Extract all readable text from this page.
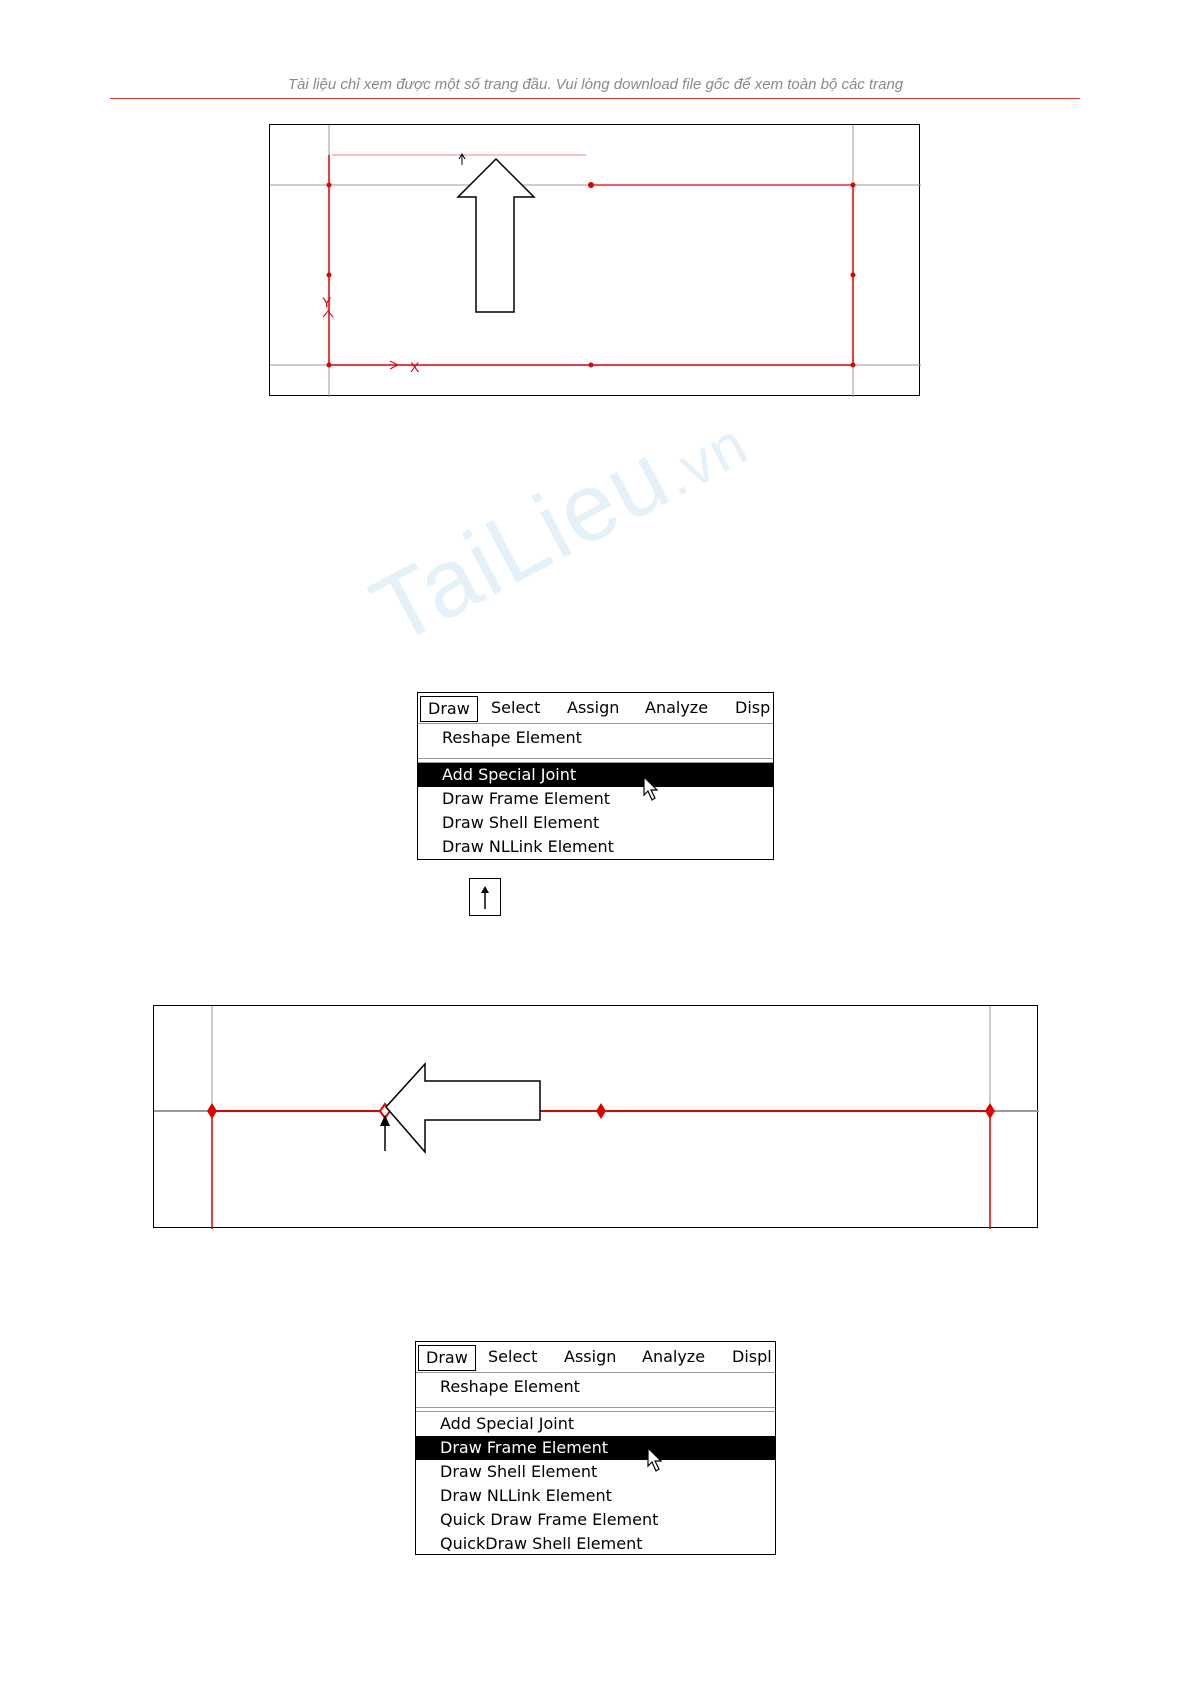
Tài liệu chỉ xem được một số trang đầu. Vui lòng download file gốc để xem toàn bộ các trang
Y
X
TaiLieu.vn
Draw	Select Assign Analyze Disp
Reshape Element
Add Special Joint
Draw Frame Element
Draw Shell Element
Draw NLLink Element
Draw	Select Assign Analyze Displ
Reshape Element
Add Special Joint
Draw Frame Element
Draw Shell Element
Draw NLLink Element
Quick Draw Frame Element
QuickDraw Shell Element
